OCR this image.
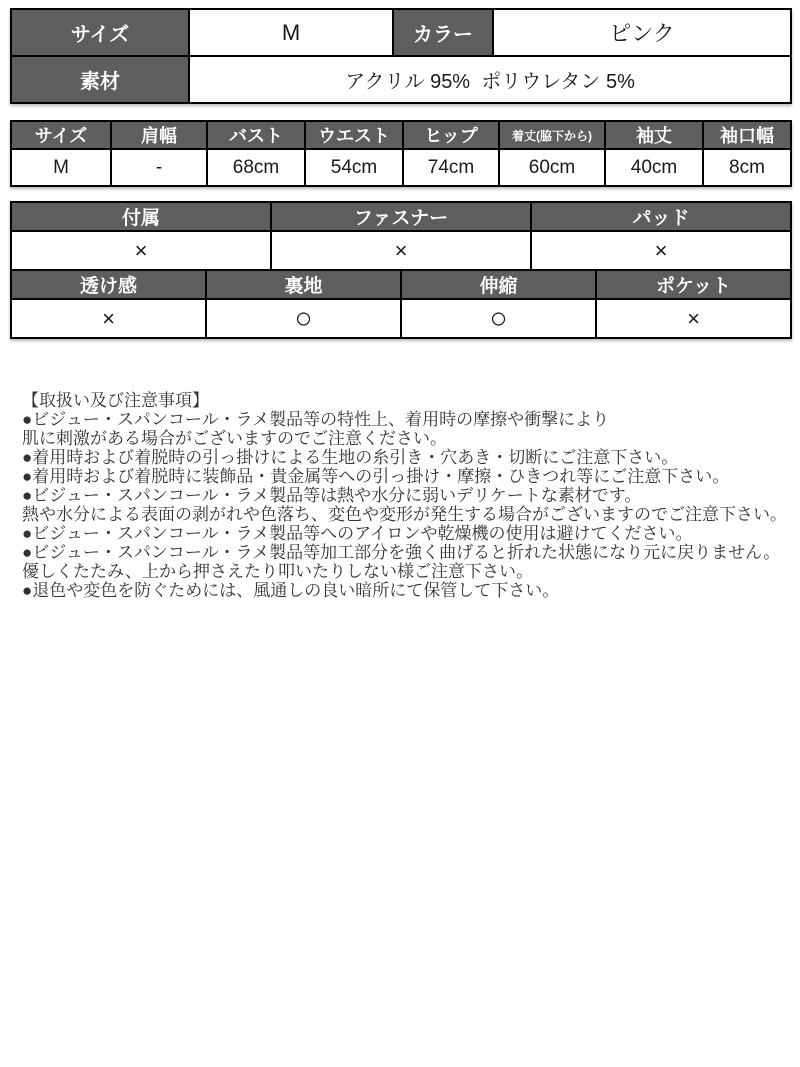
サイズ	M	カラー	ピンク
素材	アクリル 95%  ポリウレタン 5%		
サイズ	肩幅	バスト	ウエスト	ヒップ	着丈(脇下から)	袖丈	袖口幅
M	-	68cm	54cm	74cm	60cm	40cm	8cm
付属	ファスナー	パッド
×	×	×
透け感	裏地	伸縮	ポケット
×	○	○	×
【取扱い及び注意事項】
●ビジュー・スパンコール・ラメ製品等の特性上、着用時の摩擦や衝撃により
肌に刺激がある場合がございますのでご注意ください。
●着用時および着脱時の引っ掛けによる生地の糸引き・穴あき・切断にご注意下さい。
●着用時および着脱時に装飾品・貴金属等への引っ掛け・摩擦・ひきつれ等にご注意下さい。
●ビジュー・スパンコール・ラメ製品等は熱や水分に弱いデリケートな素材です。
熱や水分による表面の剥がれや色落ち、変色や変形が発生する場合がございますのでご注意下さい。
●ビジュー・スパンコール・ラメ製品等へのアイロンや乾燥機の使用は避けてください。
●ビジュー・スパンコール・ラメ製品等加工部分を強く曲げると折れた状態になり元に戻りません。
優しくたたみ、上から押さえたり叩いたりしない様ご注意下さい。
●退色や変色を防ぐためには、風通しの良い暗所にて保管して下さい。
